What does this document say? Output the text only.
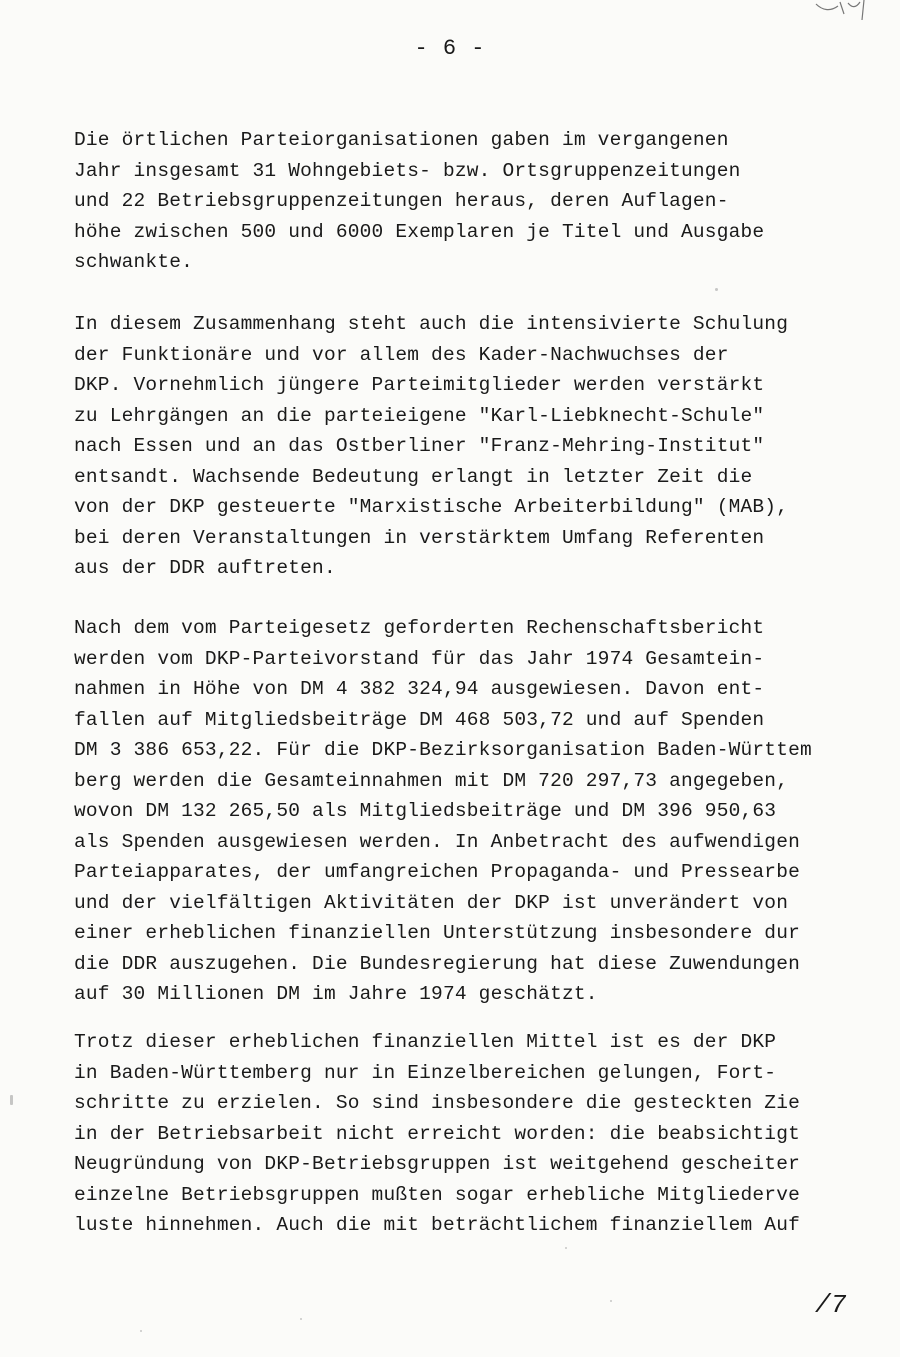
- 6 -

Die örtlichen Parteiorganisationen gaben im vergangenen
Jahr insgesamt 31 Wohngebiets- bzw. Ortsgruppenzeitungen
und 22 Betriebsgruppenzeitungen heraus, deren Auflagen-
höhe zwischen 500 und 6000 Exemplaren je Titel und Ausgabe
schwankte.

In diesem Zusammenhang steht auch die intensivierte Schulung
der Funktionäre und vor allem des Kader-Nachwuchses der
DKP. Vornehmlich jüngere Parteimitglieder werden verstärkt
zu Lehrgängen an die parteieigene "Karl-Liebknecht-Schule"
nach Essen und an das Ostberliner "Franz-Mehring-Institut"
entsandt. Wachsende Bedeutung erlangt in letzter Zeit die
von der DKP gesteuerte "Marxistische Arbeiterbildung" (MAB),
bei deren Veranstaltungen in verstärktem Umfang Referenten
aus der DDR auftreten.

Nach dem vom Parteigesetz geforderten Rechenschaftsbericht
werden vom DKP-Parteivorstand für das Jahr 1974 Gesamtein-
nahmen in Höhe von DM 4 382 324,94 ausgewiesen. Davon ent-
fallen auf Mitgliedsbeiträge DM 468 503,72 und auf Spenden
DM 3 386 653,22. Für die DKP-Bezirksorganisation Baden-Württem
berg werden die Gesamteinnahmen mit DM 720 297,73 angegeben,
wovon DM 132 265,50 als Mitgliedsbeiträge und DM 396 950,63
als Spenden ausgewiesen werden. In Anbetracht des aufwendigen
Parteiapparates, der umfangreichen Propaganda- und Pressearbe
und der vielfältigen Aktivitäten der DKP ist unverändert von
einer erheblichen finanziellen Unterstützung insbesondere dur
die DDR auszugehen. Die Bundesregierung hat diese Zuwendungen
auf 30 Millionen DM im Jahre 1974 geschätzt.

Trotz dieser erheblichen finanziellen Mittel ist es der DKP
in Baden-Württemberg nur in Einzelbereichen gelungen, Fort-
schritte zu erzielen. So sind insbesondere die gesteckten Zie
in der Betriebsarbeit nicht erreicht worden: die beabsichtigt
Neugründung von DKP-Betriebsgruppen ist weitgehend gescheiter
einzelne Betriebsgruppen mußten sogar erhebliche Mitgliederve
luste hinnehmen. Auch die mit beträchtlichem finanziellem Auf

/7
